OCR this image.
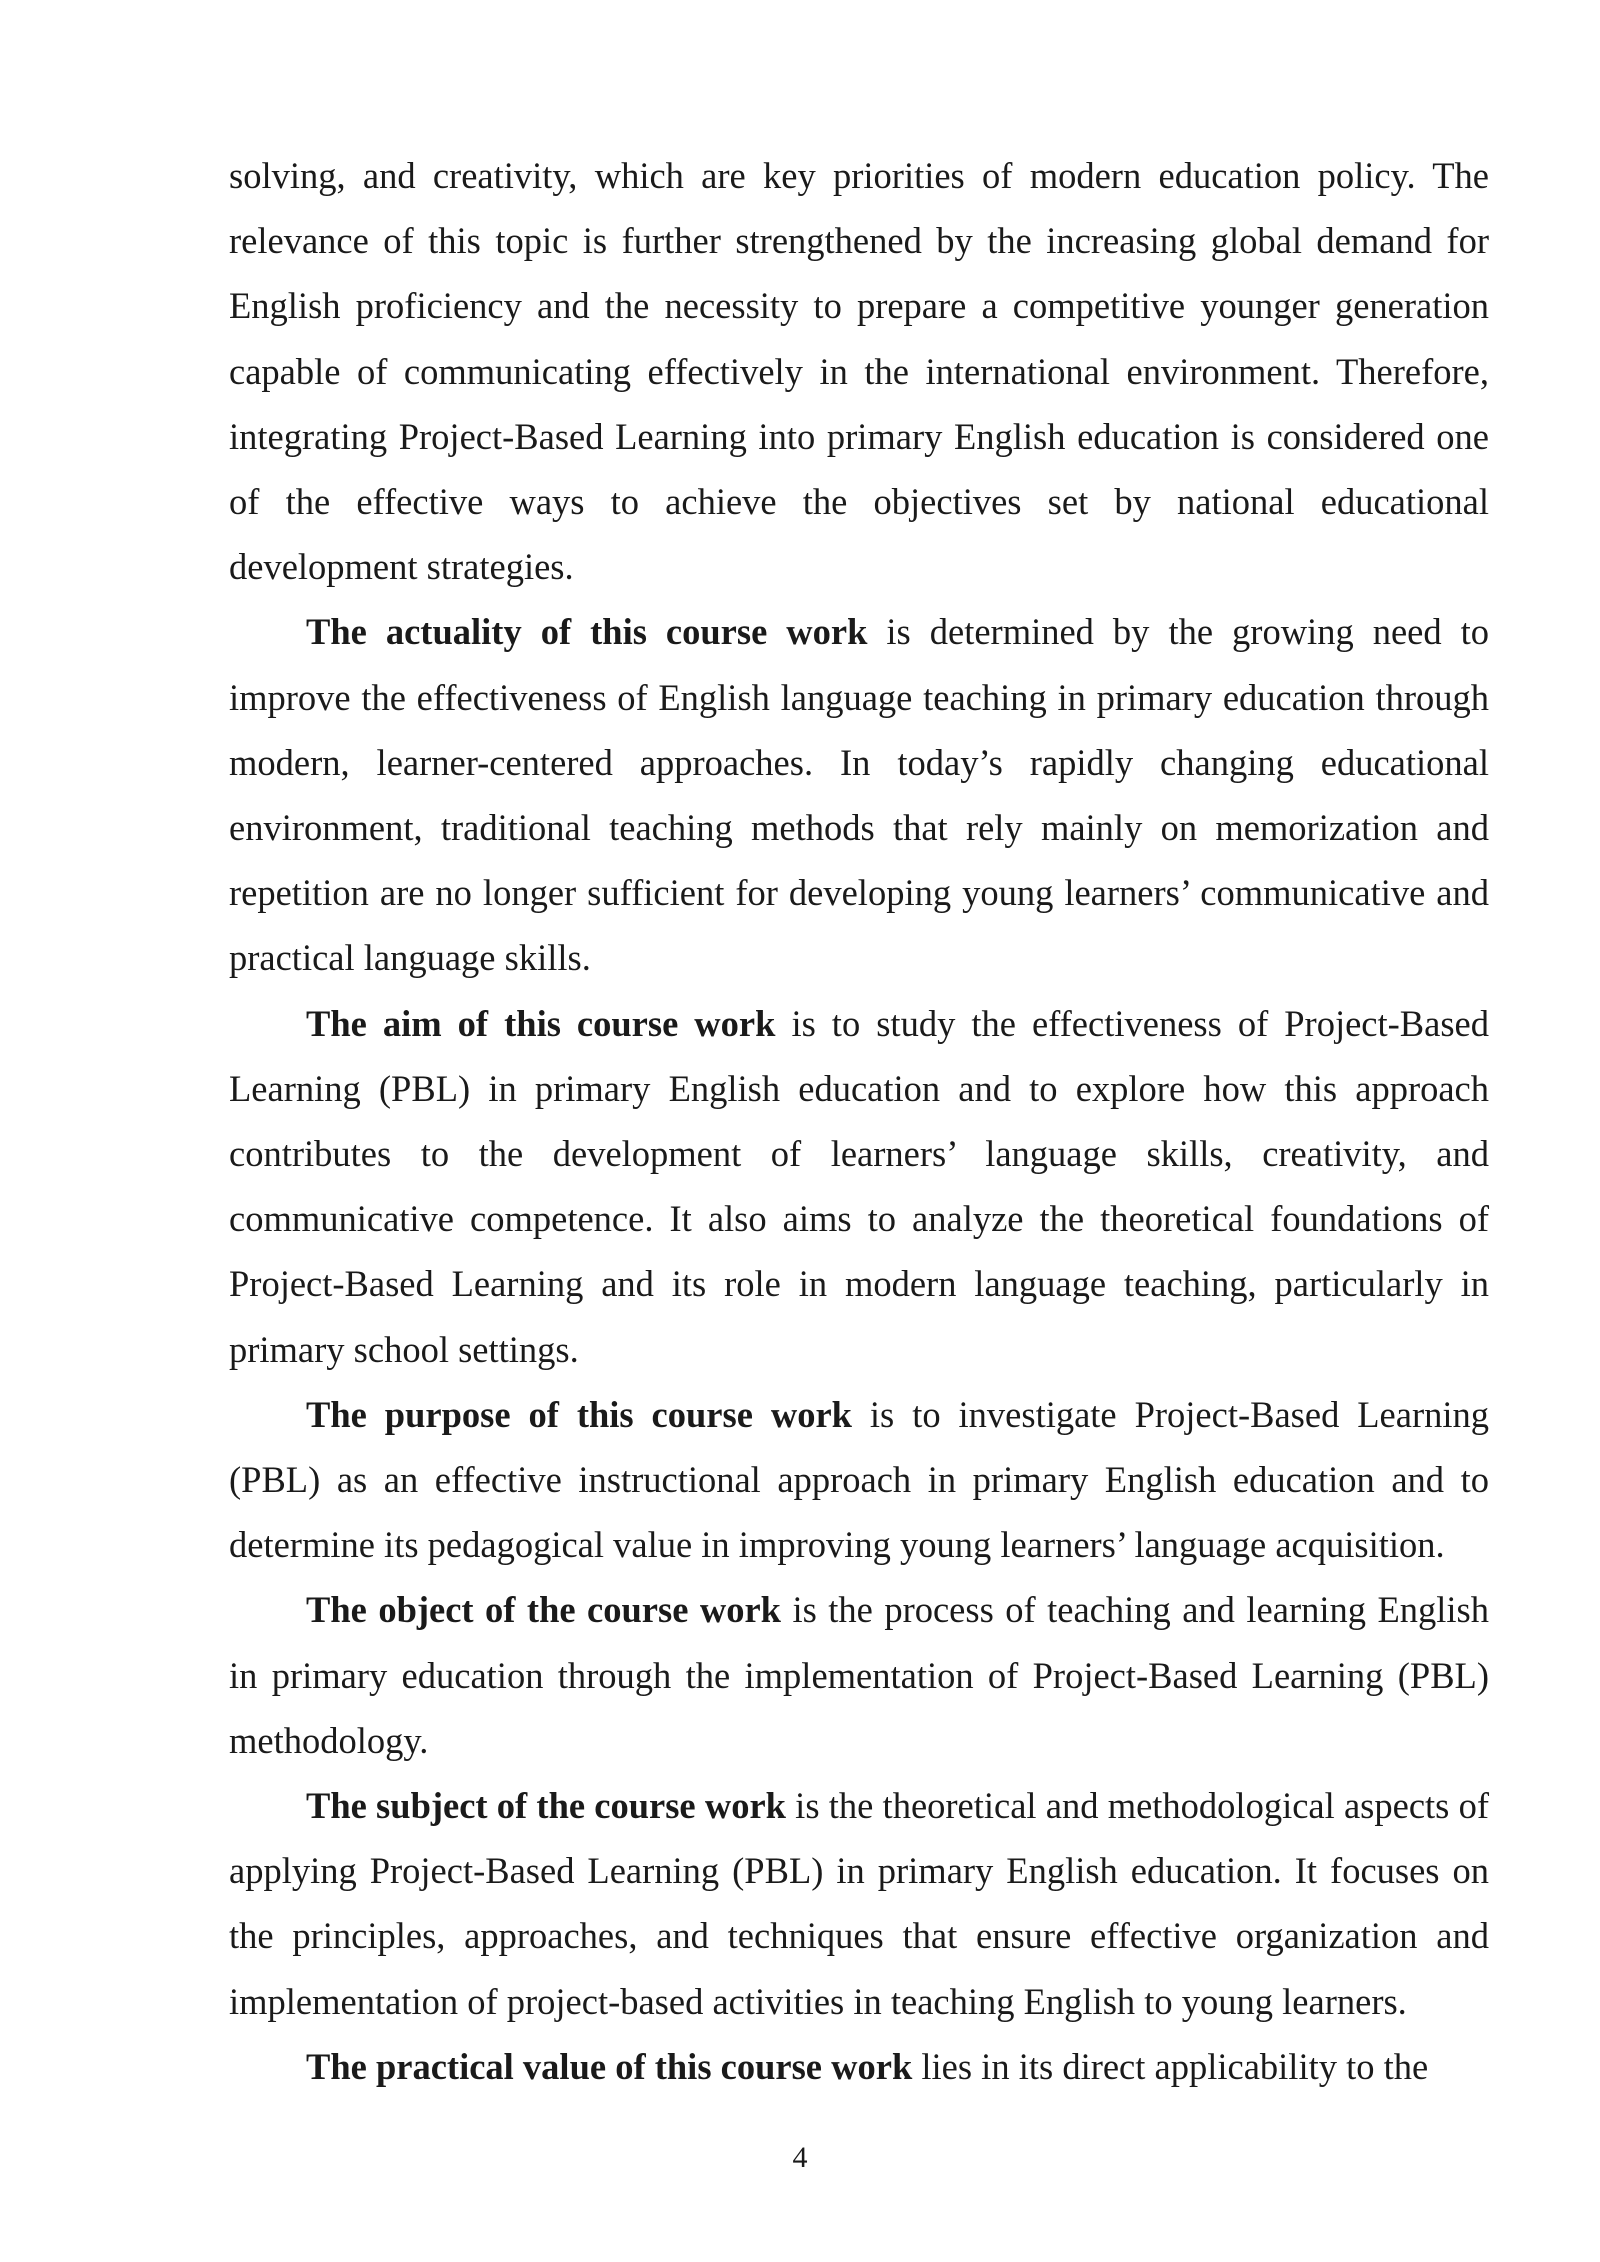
solving, and creativity, which are key priorities of modern education policy. The relevance of this topic is further strengthened by the increasing global demand for English proficiency and the necessity to prepare a competitive younger generation capable of communicating effectively in the international environment. Therefore, integrating Project-Based Learning into primary English education is considered one of the effective ways to achieve the objectives set by national educational development strategies.

The actuality of this course work is determined by the growing need to improve the effectiveness of English language teaching in primary education through modern, learner-centered approaches. In today’s rapidly changing educational environment, traditional teaching methods that rely mainly on memorization and repetition are no longer sufficient for developing young learners’ communicative and practical language skills.

The aim of this course work is to study the effectiveness of Project-Based Learning (PBL) in primary English education and to explore how this approach contributes to the development of learners’ language skills, creativity, and communicative competence. It also aims to analyze the theoretical foundations of Project-Based Learning and its role in modern language teaching, particularly in primary school settings.

The purpose of this course work is to investigate Project-Based Learning (PBL) as an effective instructional approach in primary English education and to determine its pedagogical value in improving young learners’ language acquisition.

The object of the course work is the process of teaching and learning English in primary education through the implementation of Project-Based Learning (PBL) methodology.

The subject of the course work is the theoretical and methodological aspects of applying Project-Based Learning (PBL) in primary English education. It focuses on the principles, approaches, and techniques that ensure effective organization and implementation of project-based activities in teaching English to young learners.

The practical value of this course work lies in its direct applicability to the

4
